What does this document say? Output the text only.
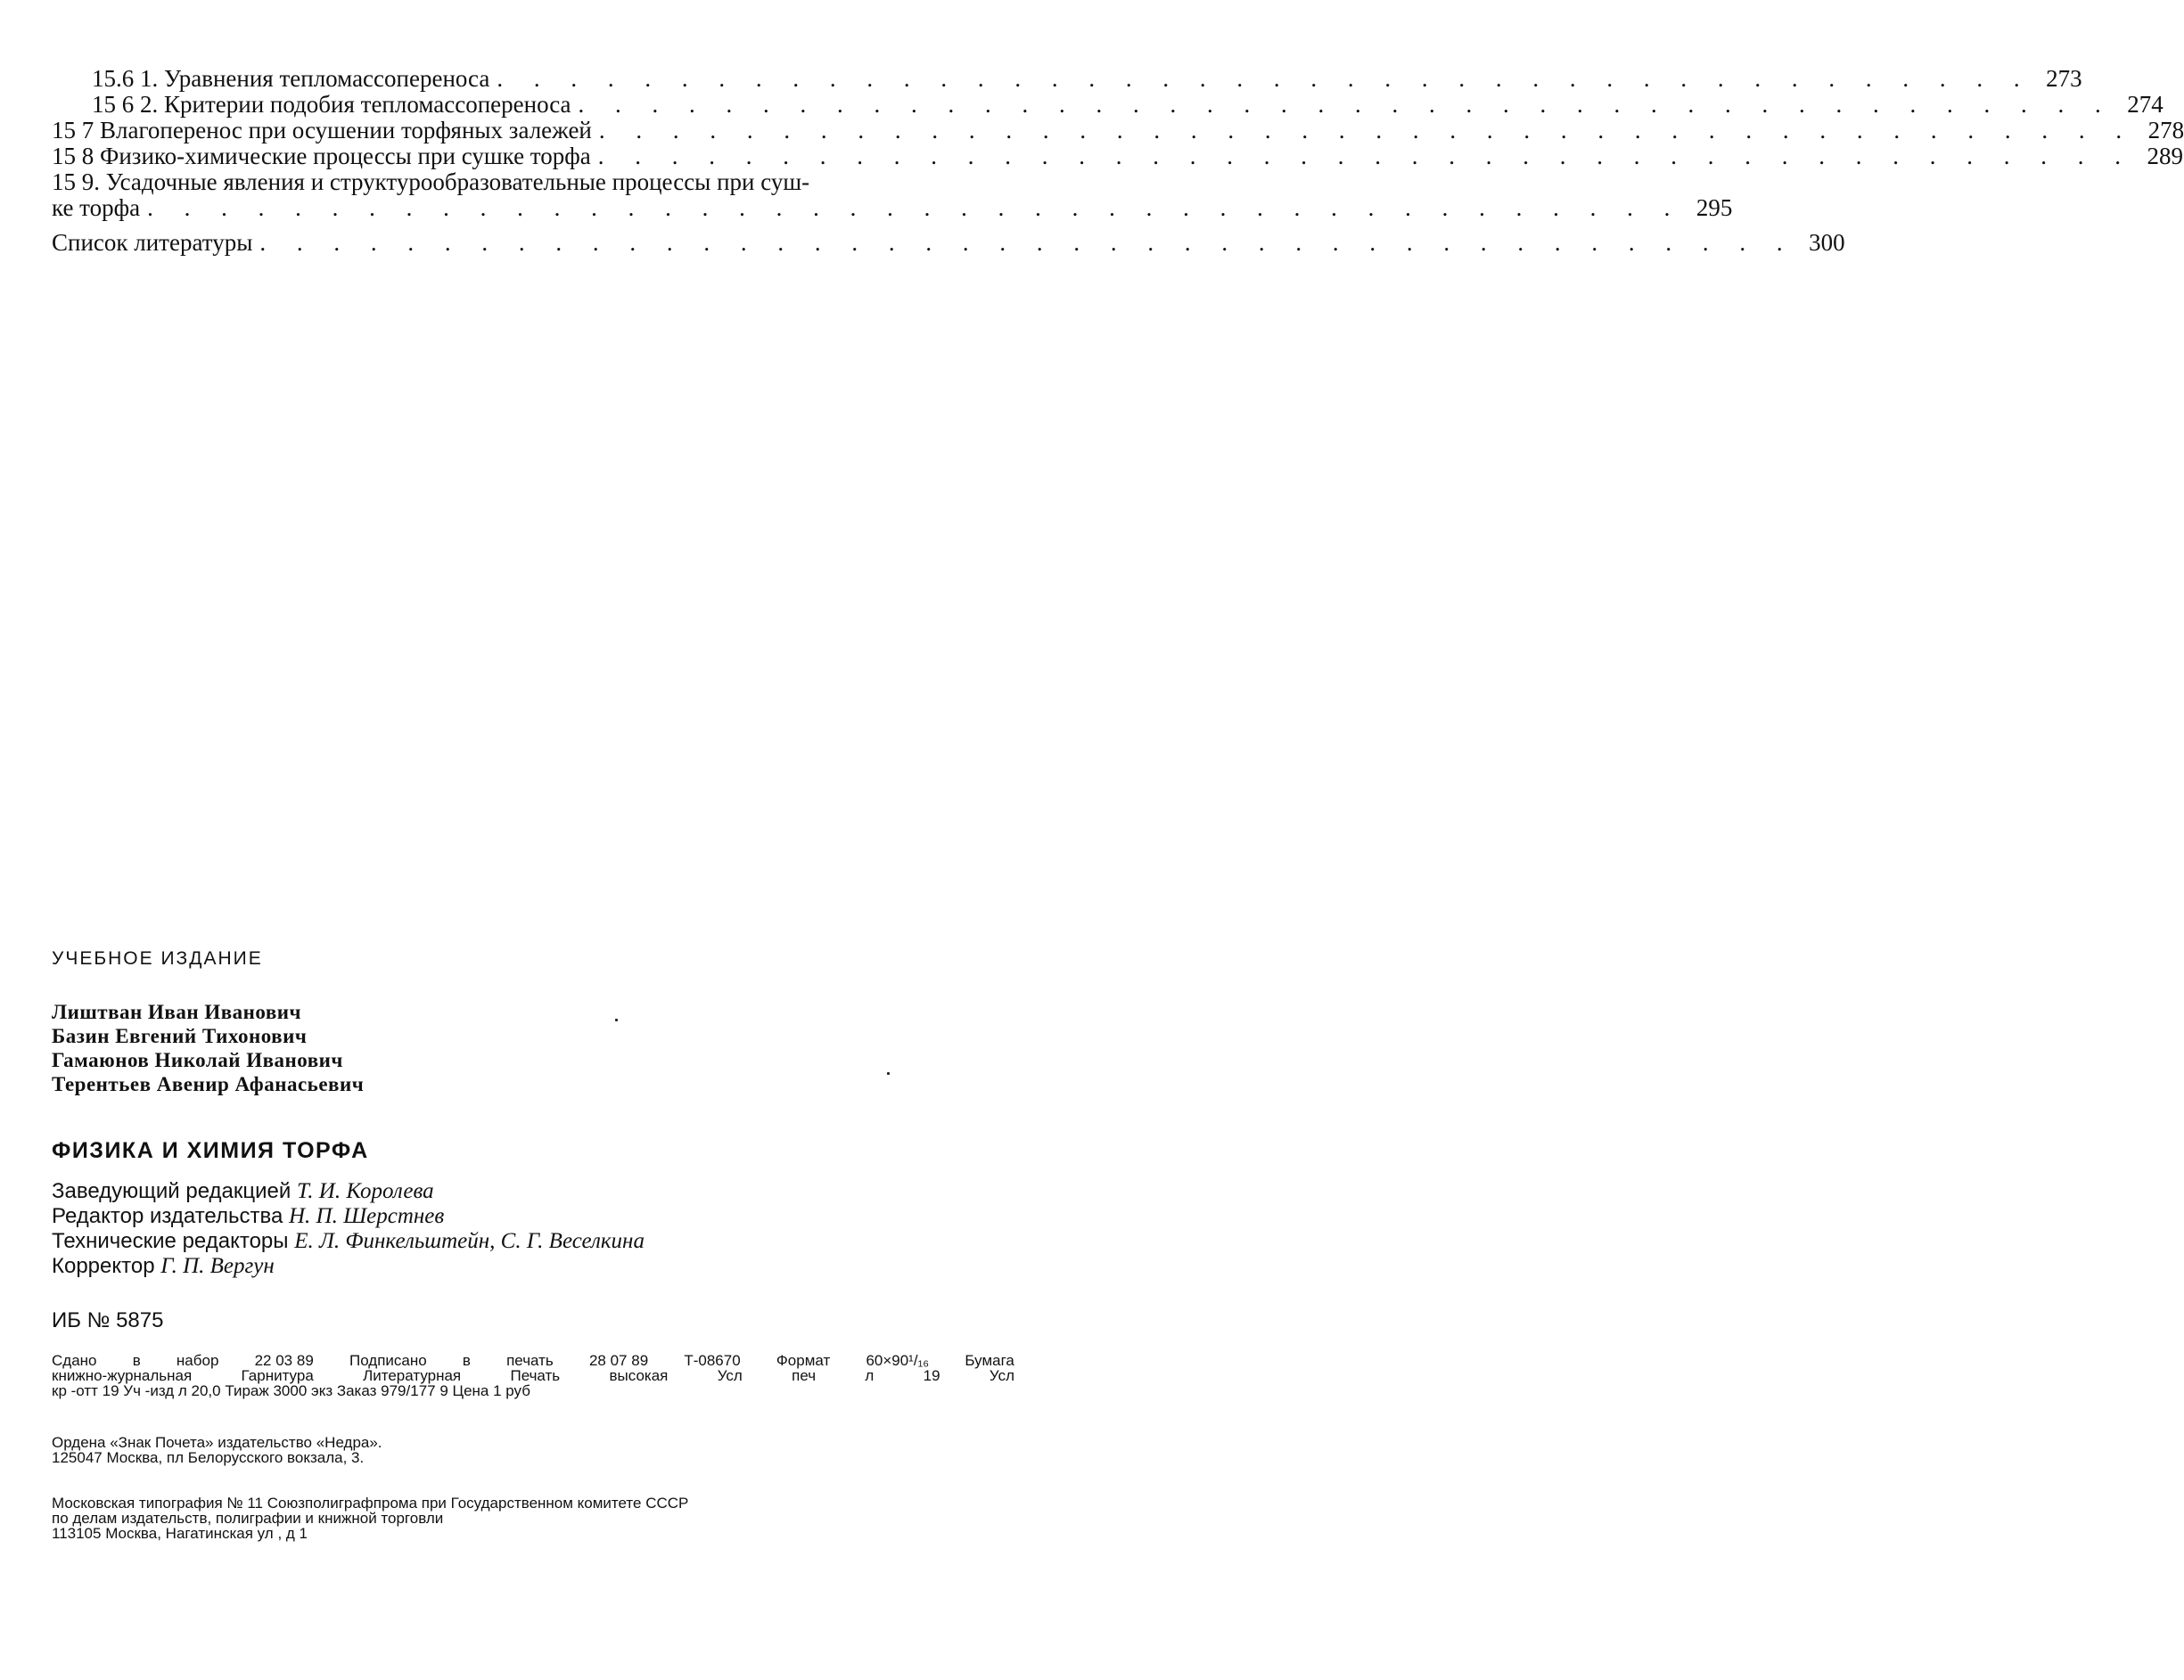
15.6 1. Уравнения тепломассопереноса . . . . . . . . . . . . . . . . . . . . . . . . . . . . . . . . . . . . . . . . . . 273
15 6 2. Критерии подобия тепломассопереноса . . . . . . . . . . . . . . . . . . . . . . . . . . . . . . . . . . . . . . . . . . 274
15 7 Влагоперенос при осушении торфяных залежей . . . . . . . . . . . . . . . . . . . . . . . . . . . . . . . . . . . . . . . . . . 278
15 8 Физико-химические процессы при сушке торфа . . . . . . . . . . . . . . . . . . . . . . . . . . . . . . . . . . . . . . . . . . 289
15 9. Усадочные явления и структурообразовательные процессы при суш-
ке торфа . . . . . . . . . . . . . . . . . . . . . . . . . . . . . . . . . . . . . . . . . . 295
Список литературы . . . . . . . . . . . . . . . . . . . . . . . . . . . . . . . . . . . . . . . . . . 300
УЧЕБНОЕ ИЗДАНИЕ
Лиштван Иван Иванович
Базин Евгений Тихонович
Гамаюнов Николай Иванович
Терентьев Авенир Афанасьевич
ФИЗИКА И ХИМИЯ ТОРФА
Заведующий редакцией Т. И. Королева
Редактор издательства Н. П. Шерстнев
Технические редакторы Е. Л. Финкельштейн, С. Г. Веселкина
Корректор Г. П. Вергун
ИБ № 5875
Сдано в набор 22 03 89 Подписано в печать 28 07 89 Т-08670 Формат 60×90¹/₁₆ Бумага
книжно-журнальная	Гарнитура	Литературная	Печать	высокая	Усл	печ	л	19	Усл
кр -отт 19 Уч -изд л 20,0 Тираж 3000 экз Заказ 979/177 9 Цена 1 руб
Ордена «Знак Почета» издательство «Недра».
125047 Москва, пл Белорусского вокзала, 3.
Московская типография № 11 Союзполиграфпрома при Государственном комитете СССР
по делам издательств, полиграфии и книжной торговли
113105 Москва, Нагатинская ул , д 1
